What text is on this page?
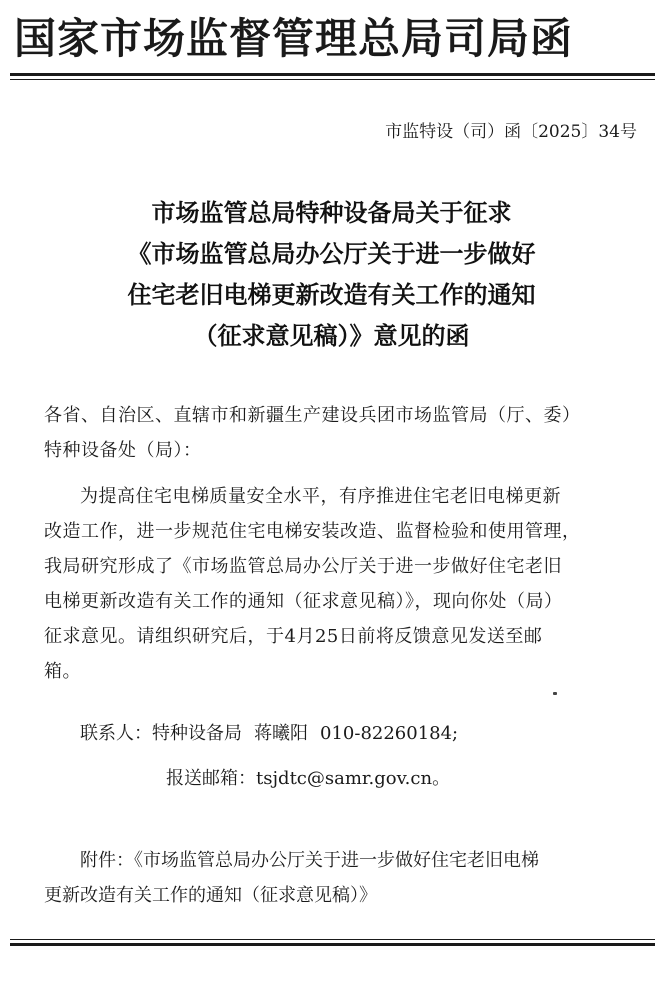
国家市场监督管理总局司局函
市监特设（司）函〔2025〕34号
市场监管总局特种设备局关于征求
《市场监管总局办公厅关于进一步做好
住宅老旧电梯更新改造有关工作的通知
（征求意见稿）》意见的函
各省、自治区、直辖市和新疆生产建设兵团市场监管局（厅、委）
特种设备处（局）：
为提高住宅电梯质量安全水平，有序推进住宅老旧电梯更新
改造工作，进一步规范住宅电梯安装改造、监督检验和使用管理，
我局研究形成了《市场监管总局办公厅关于进一步做好住宅老旧
电梯更新改造有关工作的通知（征求意见稿）》，现向你处（局）
征求意见。请组织研究后，于4月25日前将反馈意见发送至邮
箱。
联系人：特种设备局 蒋曦阳 010-82260184;
报送邮箱：tsjdtc@samr.gov.cn。
附件：《市场监管总局办公厅关于进一步做好住宅老旧电梯
更新改造有关工作的通知（征求意见稿）》
